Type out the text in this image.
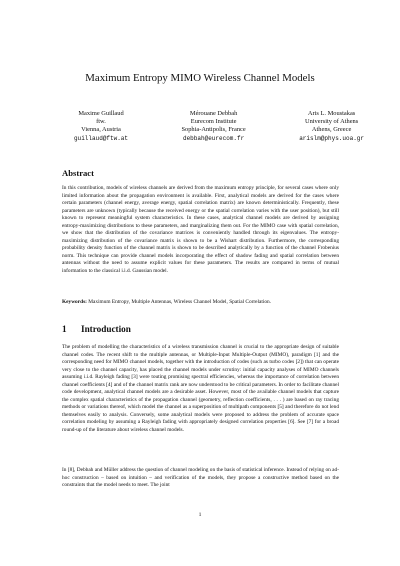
Maximum Entropy MIMO Wireless Channel Models
Maxime Guillaud
ftw.
Vienna, Austria
guillaud@ftw.at
Mérouane Debbah
Eurecom Institute
Sophia-Antipolis, France
debbah@eurecom.fr
Aris L. Moustakas
University of Athens
Athens, Greece
arislm@phys.uoa.gr
Abstract

In this contribution, models of wireless channels are derived from the maximum entropy principle, for several cases where only limited information about the propagation environment is available. First, analytical models are derived for the cases where certain parameters (channel energy, average energy, spatial correlation matrix) are known deterministically. Frequently, these parameters are unknown (typically because the received energy or the spatial correlation varies with the user position), but still known to represent meaningful system characteristics. In these cases, analytical channel models are derived by assigning entropy-maximizing distributions to these parameters, and marginalizing them out. For the MIMO case with spatial correlation, we show that the distribution of the covariance matrices is conveniently handled through its eigenvalues. The entropy-maximizing distribution of the covariance matrix is shown to be a Wishart distribution. Furthermore, the corresponding probability density function of the channel matrix is shown to be described analytically by a function of the channel Frobenius norm. This technique can provide channel models incorporating the effect of shadow fading and spatial correlation between antennas without the need to assume explicit values for these parameters. The results are compared in terms of mutual information to the classical i.i.d. Gaussian model.

Keywords: Maximum Entropy, Multiple Antennas, Wireless Channel Model, Spatial Correlation.

1 Introduction

The problem of modelling the characteristics of a wireless transmission channel is crucial to the appropriate design of suitable channel codes. The recent shift to the multiple antennas, or Multiple-Input Multiple-Output (MIMO), paradigm [1] and the corresponding need for MIMO channel models, together with the introduction of codes (such as turbo codes [2]) that can operate very close to the channel capacity, has placed the channel models under scrutiny: initial capacity analyses of MIMO channels assuming i.i.d. Rayleigh fading [3] were touting promising spectral efficiencies, whereas the importance of correlation between channel coefficients [4] and of the channel matrix rank are now understood to be critical parameters. In order to facilitate channel code development, analytical channel models are a desirable asset. However, most of the available channel models that capture the complex spatial characteristics of the propagation channel (geometry, reflection coefficients, . . . ) are based on ray tracing methods or variations thereof, which model the channel as a superposition of multipath components [5] and therefore do not lend themselves easily to analysis. Conversely, some analytical models were proposed to address the problem of accurate space correlation modeling by assuming a Rayleigh fading with appropriately designed correlation properties [6]. See [7] for a broad round-up of the literature about wireless channel models.

In [8], Debbah and Müller address the question of channel modeling on the basis of statistical inference. Instead of relying on ad-hoc construction – based on intuition – and verification of the models, they propose a constructive method based on the constraints that the model needs to meet. The joint

1
